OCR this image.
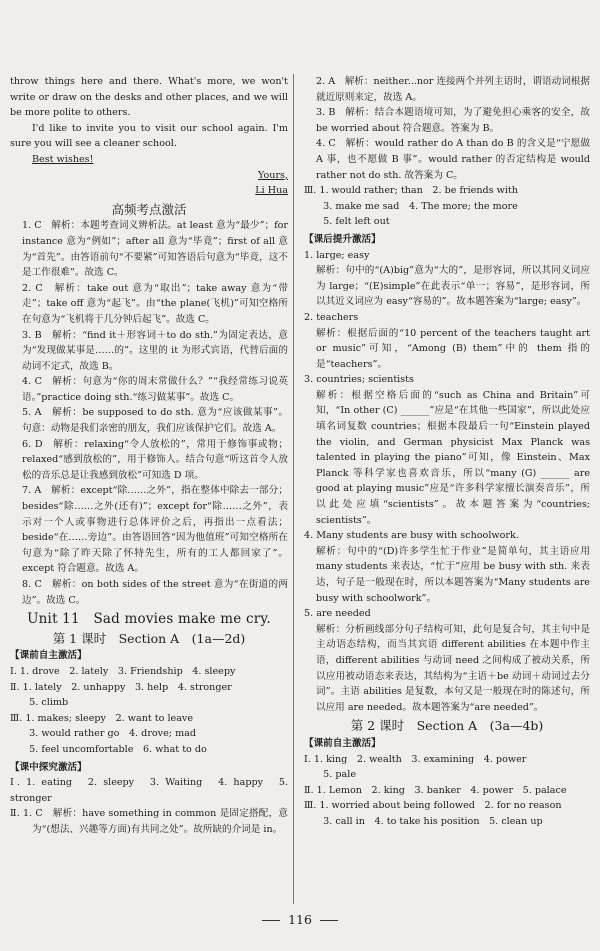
throw things here and there. What's more, we won't write or draw on the desks and other places, and we will be more polite to others.

I'd like to invite you to visit our school again. I'm sure you will see a cleaner school.

Best wishes!

Yours,

Li Hua

高频考点激活

1. C　解析：本题考查词义辨析法。at least 意为“最少”；for instance 意为“例如”；after all 意为“毕竟”；first of all 意为“首先”。由答语前句“不要紧”可知答语后句意为“毕竟，这不是工作很难”。故选 C。

2. C　解析：take out 意为“取出”；take away 意为“带走”；take off 意为“起飞”。由“the plane(飞机)”可知空格所在句意为“飞机将于几分钟后起飞”。故选 C。

3. B　解析：“find it＋形容词＋to do sth.”为固定表达，意为“发现做某事是……的”。这里的 it 为形式宾语，代替后面的动词不定式，故选 B。

4. C　解析：句意为“你的周末常做什么？”“我经常练习说英语。”practice doing sth.“练习做某事”。故选 C。

5. A　解析：be supposed to do sth. 意为“应该做某事”。句意：动物是我们亲密的朋友，我们应该保护它们。故选 A。

6. D　解析：relaxing“令人放松的”，常用于修饰事或物；relaxed“感到放松的”，用于修饰人。结合句意“听这首令人放松的音乐总是让我感到放松”可知选 D 项。

7. A　解析：except“除……之外”，指在整体中除去一部分；besides“除……之外(还有)”；except for“除……之外”，表示对一个人或事物进行总体评价之后，再指出一点看法；beside“在……旁边”。由答语回答“因为他值班”可知空格所在句意为“除了昨天除了怀特先生，所有的工人都回家了”。except 符合题意。故选 A。

8. C　解析：on both sides of the street 意为“在街道的两边”。故选 C。

Unit 11　Sad movies make me cry.
第 1 课时　Section A　(1a—2d)
【课前自主激活】

Ⅰ. 1. drove　2. lately　3. Friendship　4. sleepy

Ⅱ. 1. lately　2. unhappy　3. help　4. stronger

　　5. climb

Ⅲ. 1. makes; sleepy　2. want to leave

　　3. would rather go　4. drove; mad

　　5. feel uncomfortable　6. what to do

【课中探究激活】

Ⅰ. 1. eating　2. sleepy　3. Waiting　4. happy　5. stronger

Ⅱ. 1. C　解析：have something in common 是固定搭配，意为“(想法、兴趣等方面)有共同之处”。故所缺的介词是 in。

2. A　解析：neither...nor 连接两个并列主语时，谓语动词根据就近原则来定，故选 A。

3. B　解析：结合本题语境可知，为了避免担心乘客的安全，故 be worried about 符合题意。答案为 B。

4. C　解析：would rather do A than do B 的含义是“宁愿做 A 事，也不愿做 B 事”。would rather 的否定结构是 would rather not do sth. 故答案为 C。

Ⅲ. 1. would rather; than　2. be friends with

　　3. make me sad　4. The more; the more

　　5. felt left out

【课后提升激活】

1. large; easy

解析：句中的“(A)big”意为“大的”，是形容词，所以其同义词应为 large；“(E)simple”在此表示“单一；容易”，是形容词，所以其近义词应为 easy“容易的”。故本题答案为“large; easy”。

2. teachers

解析：根据后面的“10 percent of the teachers taught art or music”可知，“Among (B) them”中的 them 指的是“teachers”。

3. countries; scientists

解析：根据空格后面的“such as China and Britain”可知，“In other (C) ______”应是“在其他一些国家”，所以此处应填名词复数 countries；根据本段最后一句“Einstein played the violin, and German physicist Max Planck was talented in playing the piano”可知，像 Einstein、Max Planck 等科学家也喜欢音乐，所以“many (G) ______ are good at playing music”应是“许多科学家擅长演奏音乐”，所以此处应填“scientists”。故本题答案为“countries; scientists”。

4. Many students are busy with schoolwork.

解析：句中的“(D)许多学生忙于作业”是简单句，其主语应用 many students 来表达，“忙于”应用 be busy with sth. 来表达，句子是一般现在时，所以本题答案为“Many students are busy with schoolwork”。

5. are needed

解析：分析画线部分句子结构可知，此句是复合句，其主句中是主动语态结构，而当其宾语 different abilities 在本题中作主语，different abilities 与动词 need 之间构成了被动关系，所以应用被动语态来表达，其结构为“主语＋be 动词＋动词过去分词”。主语 abilities 是复数，本句又是一般现在时的陈述句，所以应用 are needed。故本题答案为“are needed”。

第 2 课时　Section A　(3a—4b)
【课前自主激活】

Ⅰ. 1. king　2. wealth　3. examining　4. power

　　5. pale

Ⅱ. 1. Lemon　2. king　3. banker　4. power　5. palace

Ⅲ. 1. worried about being followed　2. for no reason

　　3. call in　4. to take his position　5. clean up

116
